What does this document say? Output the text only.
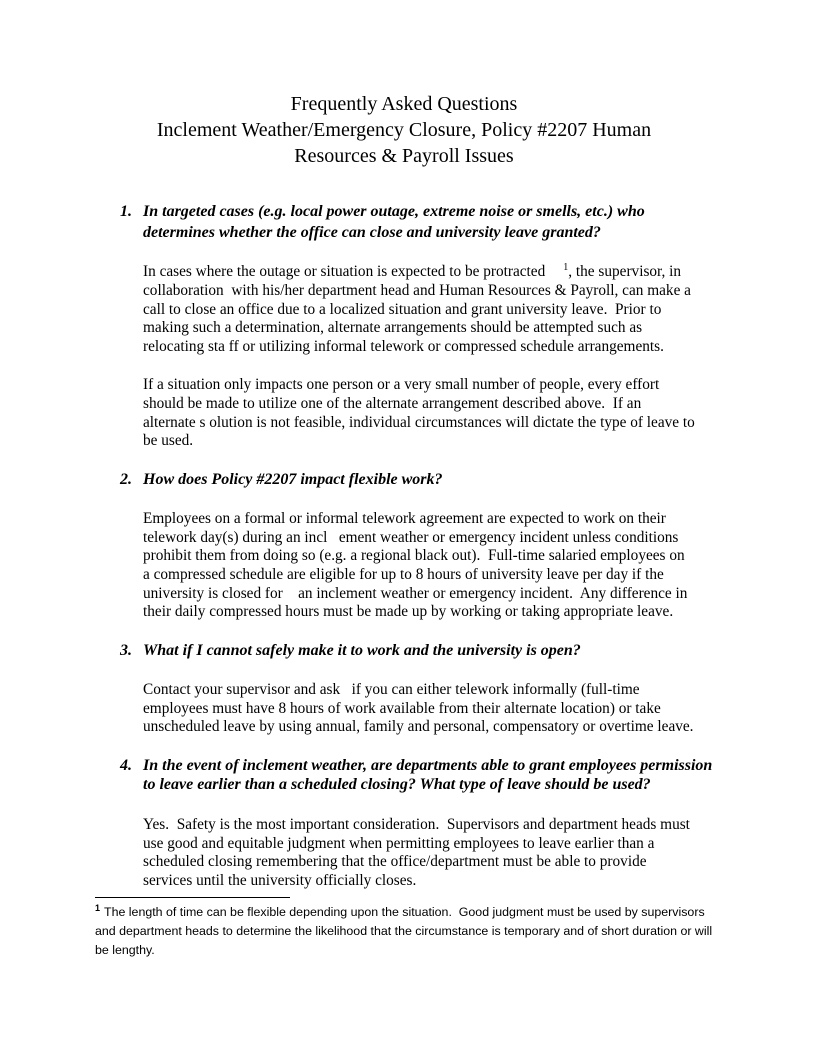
Frequently Asked Questions
Inclement Weather/Emergency Closure, Policy #2207 Human
Resources & Payroll Issues
1. In targeted cases (e.g. local power outage, extreme noise or smells, etc.) who
determines whether the office can close and university leave granted?
In cases where the outage or situation is expected to be protracted 1, the supervisor, in
collaboration  with his/her department head and Human Resources & Payroll, can make a
call to close an office due to a localized situation and grant university leave.  Prior to
making such a determination, alternate arrangements should be attempted such as
relocating sta ff or utilizing informal telework or compressed schedule arrangements.
If a situation only impacts one person or a very small number of people, every effort
should be made to utilize one of the alternate arrangement described above.  If an
alternate s olution is not feasible, individual circumstances will dictate the type of leave to
be used.
2. How does Policy #2207 impact flexible work?
Employees on a formal or informal telework agreement are expected to work on their
telework day(s) during an incl   ement weather or emergency incident unless conditions
prohibit them from doing so (e.g. a regional black out).  Full-time salaried employees on
a compressed schedule are eligible for up to 8 hours of university leave per day if the
university is closed for    an inclement weather or emergency incident.  Any difference in
their daily compressed hours must be made up by working or taking appropriate leave.
3. What if I cannot safely make it to work and the university is open?
Contact your supervisor and ask   if you can either telework informally (full-time
employees must have 8 hours of work available from their alternate location) or take
unscheduled leave by using annual, family and personal, compensatory or overtime leave.
4. In the event of inclement weather, are departments able to grant employees permission
to leave earlier than a scheduled closing? What type of leave should be used?
Yes.  Safety is the most important consideration.  Supervisors and department heads must
use good and equitable judgment when permitting employees to leave earlier than a
scheduled closing remembering that the office/department must be able to provide
services until the university officially closes.
1 The length of time can be flexible depending upon the situation.  Good judgment must be used by supervisors
and department heads to determine the likelihood that the circumstance is temporary and of short duration or will
be lengthy.
